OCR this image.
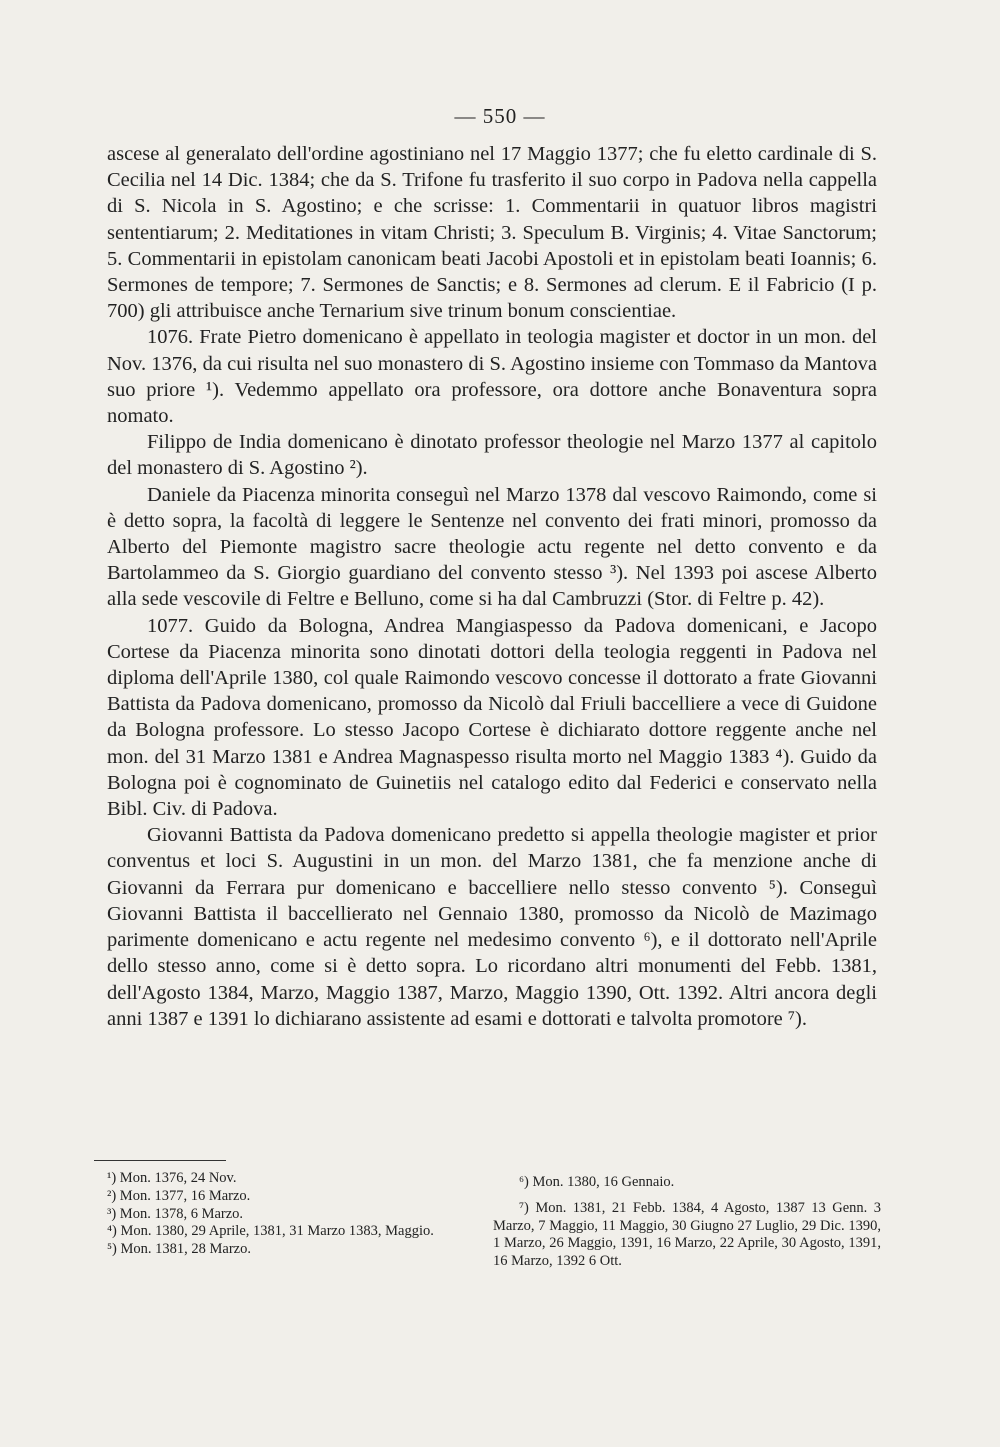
— 550 —

ascese al generalato dell'ordine agostiniano nel 17 Maggio 1377; che fu eletto cardinale di S. Cecilia nel 14 Dic. 1384; che da S. Trifone fu trasferito il suo corpo in Padova nella cappella di S. Nicola in S. Agostino; e che scrisse: 1. Commentarii in quatuor libros magistri sententiarum; 2. Meditationes in vitam Christi; 3. Speculum B. Virginis; 4. Vitae Sanctorum; 5. Commentarii in epistolam canonicam beati Jacobi Apostoli et in epistolam beati Ioannis; 6. Sermones de tempore; 7. Sermones de Sanctis; e 8. Sermones ad clerum. E il Fabricio (I p. 700) gli attribuisce anche Ternarium sive trinum bonum conscientiae.

1076. Frate Pietro domenicano è appellato in teologia magister et doctor in un mon. del Nov. 1376, da cui risulta nel suo monastero di S. Agostino insieme con Tommaso da Mantova suo priore ¹). Vedemmo appellato ora professore, ora dottore anche Bonaventura sopra nomato.

Filippo de India domenicano è dinotato professor theologie nel Marzo 1377 al capitolo del monastero di S. Agostino ²).

Daniele da Piacenza minorita conseguì nel Marzo 1378 dal vescovo Raimondo, come si è detto sopra, la facoltà di leggere le Sentenze nel convento dei frati minori, promosso da Alberto del Piemonte magistro sacre theologie actu regente nel detto convento e da Bartolammeo da S. Giorgio guardiano del convento stesso ³). Nel 1393 poi ascese Alberto alla sede vescovile di Feltre e Belluno, come si ha dal Cambruzzi (Stor. di Feltre p. 42).

1077. Guido da Bologna, Andrea Mangiaspesso da Padova domenicani, e Jacopo Cortese da Piacenza minorita sono dinotati dottori della teologia reggenti in Padova nel diploma dell'Aprile 1380, col quale Raimondo vescovo concesse il dottorato a frate Giovanni Battista da Padova domenicano, promosso da Nicolò dal Friuli baccelliere a vece di Guidone da Bologna professore. Lo stesso Jacopo Cortese è dichiarato dottore reggente anche nel mon. del 31 Marzo 1381 e Andrea Magnaspesso risulta morto nel Maggio 1383 ⁴). Guido da Bologna poi è cognominato de Guinetiis nel catalogo edito dal Federici e conservato nella Bibl. Civ. di Padova.

Giovanni Battista da Padova domenicano predetto si appella theologie magister et prior conventus et loci S. Augustini in un mon. del Marzo 1381, che fa menzione anche di Giovanni da Ferrara pur domenicano e baccelliere nello stesso convento ⁵). Conseguì Giovanni Battista il baccellierato nel Gennaio 1380, promosso da Nicolò de Mazimago parimente domenicano e actu regente nel medesimo convento ⁶), e il dottorato nell'Aprile dello stesso anno, come si è detto sopra. Lo ricordano altri monumenti del Febb. 1381, dell'Agosto 1384, Marzo, Maggio 1387, Marzo, Maggio 1390, Ott. 1392. Altri ancora degli anni 1387 e 1391 lo dichiarano assistente ad esami e dottorati e talvolta promotore ⁷).

¹) Mon. 1376, 24 Nov.

²) Mon. 1377, 16 Marzo.

³) Mon. 1378, 6 Marzo.

⁴) Mon. 1380, 29 Aprile, 1381, 31 Marzo 1383, Maggio.

⁵) Mon. 1381, 28 Marzo.

⁶) Mon. 1380, 16 Gennaio.

⁷) Mon. 1381, 21 Febb. 1384, 4 Agosto, 1387 13 Genn. 3 Marzo, 7 Maggio, 11 Maggio, 30 Giugno 27 Luglio, 29 Dic. 1390, 1 Marzo, 26 Maggio, 1391, 16 Marzo, 22 Aprile, 30 Agosto, 1391, 16 Marzo, 1392 6 Ott.
